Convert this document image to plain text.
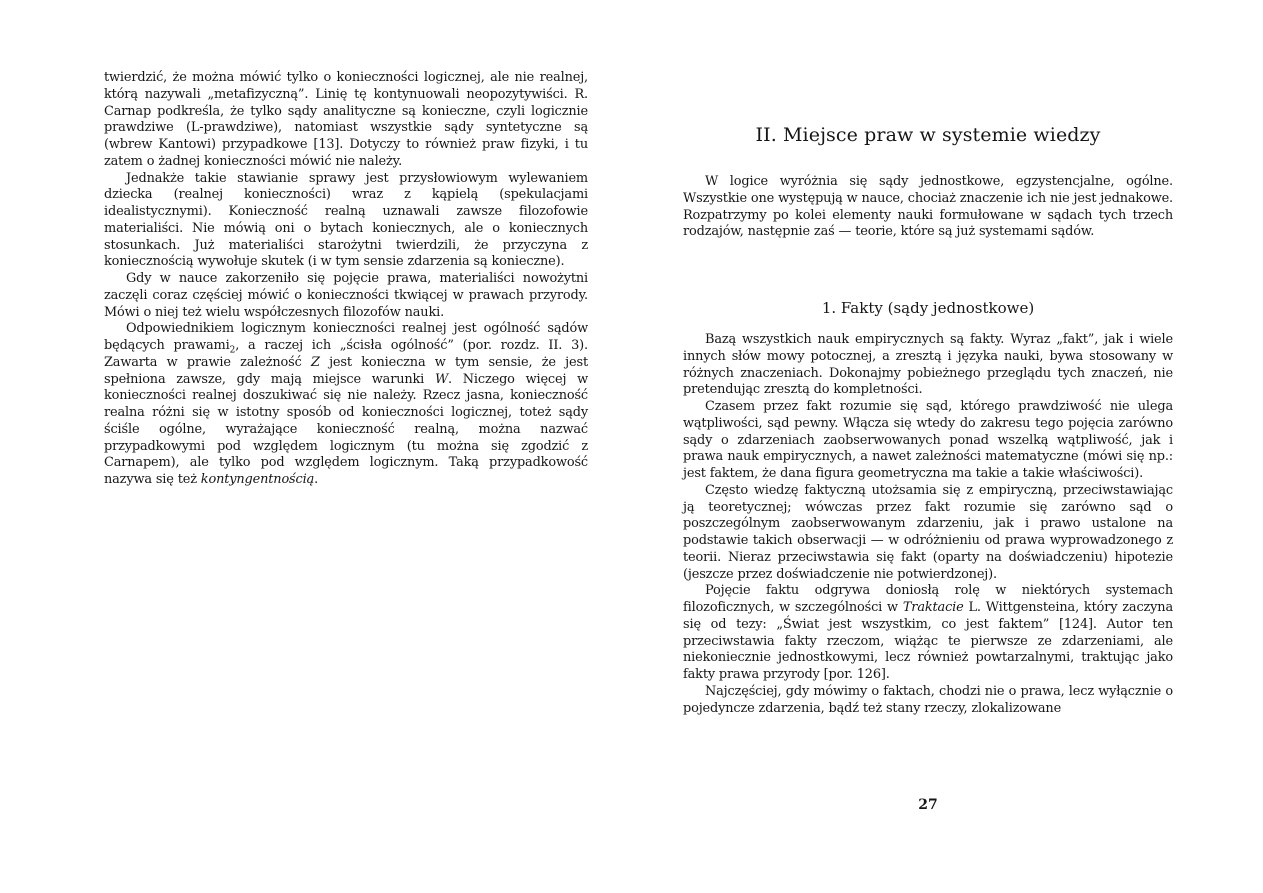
twierdzić, że można mówić tylko o konieczności logicznej, ale nie realnej, którą nazywali „metafizyczną”. Linię tę kontynuowali neopozytywiści. R. Carnap podkreśla, że tylko sądy analityczne są konieczne, czyli logicznie prawdziwe (L-prawdziwe), natomiast wszystkie sądy syntetyczne są (wbrew Kantowi) przypadkowe [13]. Dotyczy to również praw fizyki, i tu zatem o żadnej konieczności mówić nie należy.

Jednakże takie stawianie sprawy jest przysłowiowym wylewaniem dziecka (realnej konieczności) wraz z kąpielą (spekulacjami idealistycznymi). Konieczność realną uznawali zawsze filozofowie materialiści. Nie mówią oni o bytach koniecznych, ale o koniecznych stosunkach. Już materialiści starożytni twierdzili, że przyczyna z koniecznością wywołuje skutek (i w tym sensie zdarzenia są konieczne).

Gdy w nauce zakorzeniło się pojęcie prawa, materialiści nowożytni zaczęli coraz częściej mówić o konieczności tkwiącej w prawach przyrody. Mówi o niej też wielu współczesnych filozofów nauki.

Odpowiednikiem logicznym konieczności realnej jest ogólność sądów będących prawami$_2$, a raczej ich „ścisła ogólność” (por. rozdz. II. 3). Zawarta w prawie zależność Z jest konieczna w tym sensie, że jest spełniona zawsze, gdy mają miejsce warunki W. Niczego więcej w konieczności realnej doszukiwać się nie należy. Rzecz jasna, konieczność realna różni się w istotny sposób od konieczności logicznej, toteż sądy ściśle ogólne, wyrażające konieczność realną, można nazwać przypadkowymi pod względem logicznym (tu można się zgodzić z Carnapem), ale tylko pod względem logicznym. Taką przypadkowość nazywa się też kontyngentnością.

II. Miejsce praw w systemie wiedzy

W logice wyróżnia się sądy jednostkowe, egzystencjalne, ogólne. Wszystkie one występują w nauce, chociaż znaczenie ich nie jest jednakowe. Rozpatrzymy po kolei elementy nauki formułowane w sądach tych trzech rodzajów, następnie zaś — teorie, które są już systemami sądów.

1. Fakty (sądy jednostkowe)

Bazą wszystkich nauk empirycznych są fakty. Wyraz „fakt”, jak i wiele innych słów mowy potocznej, a zresztą i języka nauki, bywa stosowany w różnych znaczeniach. Dokonajmy pobieżnego przeglądu tych znaczeń, nie pretendując zresztą do kompletności.

Czasem przez fakt rozumie się sąd, którego prawdziwość nie ulega wątpliwości, sąd pewny. Włącza się wtedy do zakresu tego pojęcia zarówno sądy o zdarzeniach zaobserwowanych ponad wszelką wątpliwość, jak i prawa nauk empirycznych, a nawet zależności matematyczne (mówi się np.: jest faktem, że dana figura geometryczna ma takie a takie właściwości).

Często wiedzę faktyczną utożsamia się z empiryczną, przeciwstawiając ją teoretycznej; wówczas przez fakt rozumie się zarówno sąd o poszczególnym zaobserwowanym zdarzeniu, jak i prawo ustalone na podstawie takich obserwacji — w odróżnieniu od prawa wyprowadzonego z teorii. Nieraz przeciwstawia się fakt (oparty na doświadczeniu) hipotezie (jeszcze przez doświadczenie nie potwierdzonej).

Pojęcie faktu odgrywa doniosłą rolę w niektórych systemach filozoficznych, w szczególności w Traktacie L. Wittgensteina, który zaczyna się od tezy: „Świat jest wszystkim, co jest faktem” [124]. Autor ten przeciwstawia fakty rzeczom, wiążąc te pierwsze ze zdarzeniami, ale niekoniecznie jednostkowymi, lecz również powtarzalnymi, traktując jako fakty prawa przyrody [por. 126].

Najczęściej, gdy mówimy o faktach, chodzi nie o prawa, lecz wyłącznie o pojedyncze zdarzenia, bądź też stany rzeczy, zlokalizowane

27
